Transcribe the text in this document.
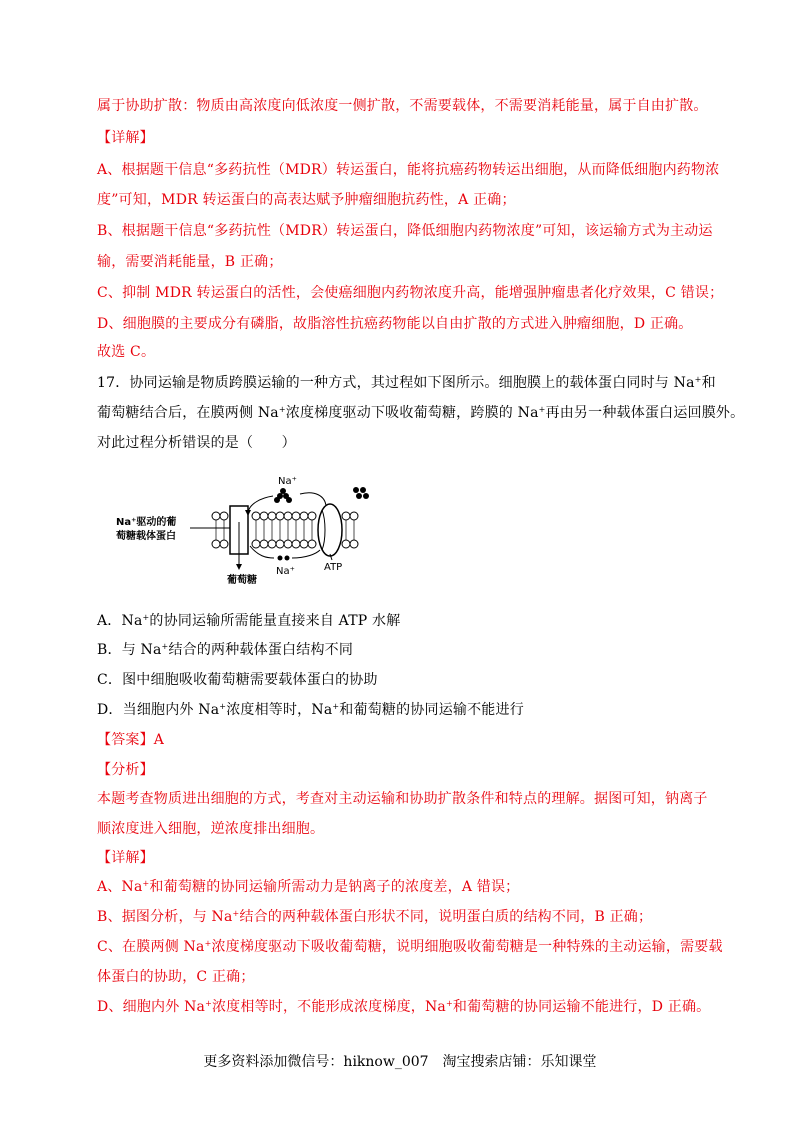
属于协助扩散：物质由高浓度向低浓度一侧扩散，不需要载体，不需要消耗能量，属于自由扩散。
【详解】
A、根据题干信息“多药抗性（MDR）转运蛋白，能将抗癌药物转运出细胞，从而降低细胞内药物浓
度”可知，MDR 转运蛋白的高表达赋予肿瘤细胞抗药性，A 正确；
B、根据题干信息“多药抗性（MDR）转运蛋白，降低细胞内药物浓度”可知，该运输方式为主动运
输，需要消耗能量，B 正确；
C、抑制 MDR 转运蛋白的活性，会使癌细胞内药物浓度升高，能增强肿瘤患者化疗效果，C 错误；
D、细胞膜的主要成分有磷脂，故脂溶性抗癌药物能以自由扩散的方式进入肿瘤细胞，D 正确。
故选 C。
17．协同运输是物质跨膜运输的一种方式，其过程如下图所示。细胞膜上的载体蛋白同时与 Na+和
葡萄糖结合后，在膜两侧 Na+浓度梯度驱动下吸收葡萄糖，跨膜的 Na+再由另一种载体蛋白运回膜外。
对此过程分析错误的是（　　）
Na⁺驱动的葡
萄糖载体蛋白
葡萄糖
Na⁺
Na⁺	ATP
A．Na+的协同运输所需能量直接来自 ATP 水解
B．与 Na+结合的两种载体蛋白结构不同
C．图中细胞吸收葡萄糖需要载体蛋白的协助
D．当细胞内外 Na+浓度相等时，Na+和葡萄糖的协同运输不能进行
【答案】A
【分析】
本题考查物质进出细胞的方式，考查对主动运输和协助扩散条件和特点的理解。据图可知，钠离子
顺浓度进入细胞，逆浓度排出细胞。
【详解】
A、Na+和葡萄糖的协同运输所需动力是钠离子的浓度差，A 错误；
B、据图分析，与 Na+结合的两种载体蛋白形状不同，说明蛋白质的结构不同，B 正确；
C、在膜两侧 Na+浓度梯度驱动下吸收葡萄糖，说明细胞吸收葡萄糖是一种特殊的主动运输，需要载
体蛋白的协助，C 正确；
D、细胞内外 Na+浓度相等时，不能形成浓度梯度，Na+和葡萄糖的协同运输不能进行，D 正确。
更多资料添加微信号：hiknow_007　淘宝搜索店铺：乐知课堂
